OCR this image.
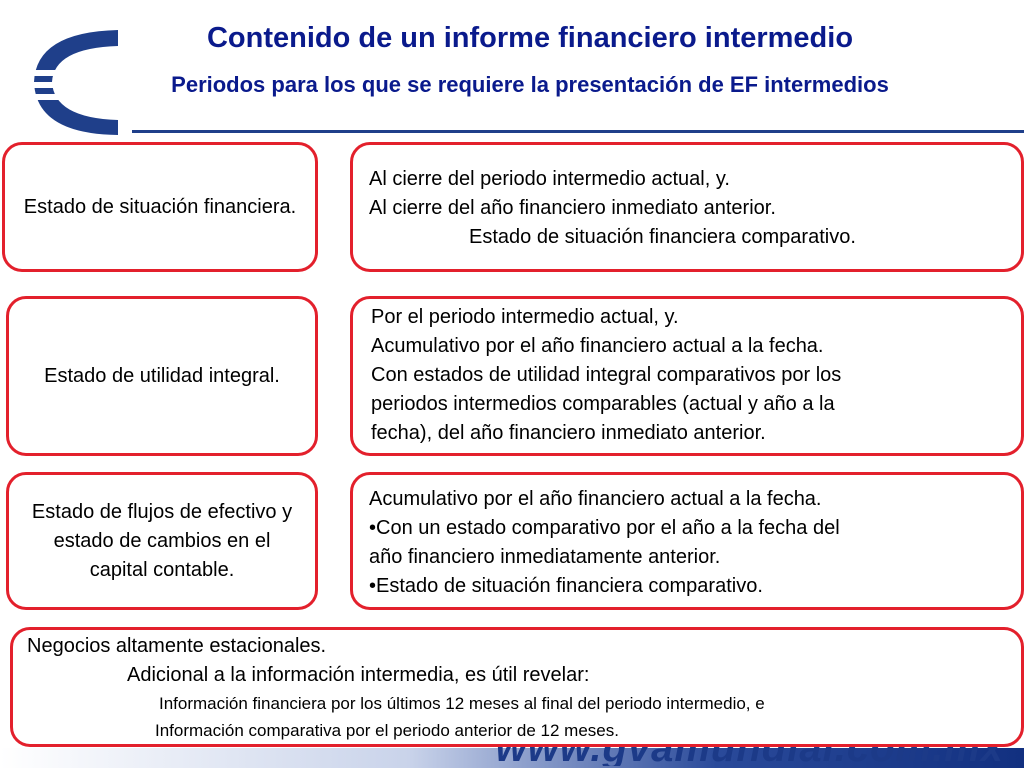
Contenido de un informe financiero intermedio
Periodos para los que se requiere la presentación de EF intermedios
Estado de situación financiera.
Al cierre del periodo intermedio actual, y.
Al cierre del año financiero inmediato anterior.
Estado de situación financiera comparativo.
Estado de utilidad integral.
Por el periodo intermedio actual, y.
Acumulativo por el año financiero actual a la fecha.
Con estados de utilidad integral comparativos por los
periodos intermedios comparables (actual y año a la
fecha), del año financiero inmediato anterior.
Estado de flujos de efectivo y estado de cambios en el capital contable.
Acumulativo por el año financiero actual a la fecha.
•Con un estado comparativo por el año a la fecha del
año financiero inmediatamente anterior.
•Estado de situación financiera comparativo.
Negocios altamente estacionales.
Adicional a la información intermedia, es útil revelar:
Información financiera por los últimos 12 meses al final del periodo intermedio, e
Información comparativa por el periodo anterior de 12 meses.
